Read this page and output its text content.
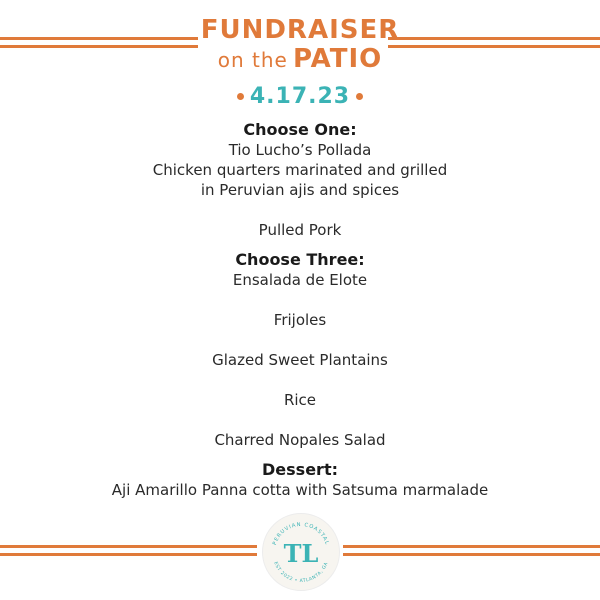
FUNDRAISER
on the PATIO
4.17.23
Choose One:
Tio Lucho’s Pollada
Chicken quarters marinated and grilled
in Peruvian ajis and spices
Pulled Pork
Choose Three:
Ensalada de Elote
Frijoles
Glazed Sweet Plantains
Rice
Charred Nopales Salad
Dessert:
Aji Amarillo Panna cotta with Satsuma marmalade
PERUVIAN COASTAL
EST 2022 • ATLANTA, GA
TL
